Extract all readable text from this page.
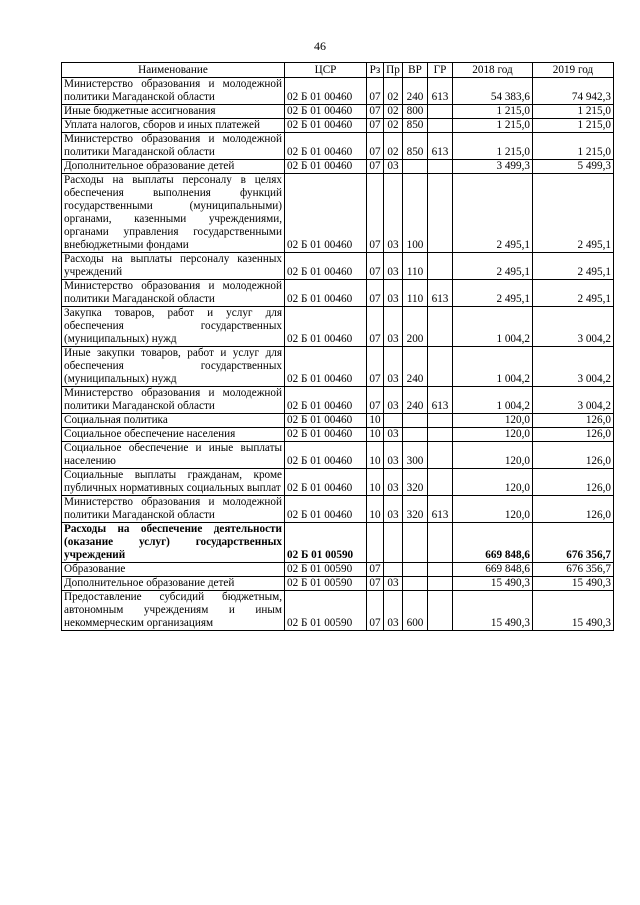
46
Наименование	ЦСР	Рз	Пр	ВР	ГР	2018 год	2019 год
Министерство образования и молодежной политики Магаданской области	02 Б 01 00460	07	02	240	613	54 383,6	74 942,3
Иные бюджетные ассигнования	02 Б 01 00460	07	02	800		1 215,0	1 215,0
Уплата налогов, сборов и иных платежей	02 Б 01 00460	07	02	850		1 215,0	1 215,0
Министерство образования и молодежной политики Магаданской области	02 Б 01 00460	07	02	850	613	1 215,0	1 215,0
Дополнительное образование детей	02 Б 01 00460	07	03			3 499,3	5 499,3
Расходы на выплаты персоналу в целях обеспечения выполнения функций государственными (муниципальными) органами, казенными учреждениями, органами управления государственными внебюджетными фондами	02 Б 01 00460	07	03	100		2 495,1	2 495,1
Расходы на выплаты персоналу казенных учреждений	02 Б 01 00460	07	03	110		2 495,1	2 495,1
Министерство образования и молодежной политики Магаданской области	02 Б 01 00460	07	03	110	613	2 495,1	2 495,1
Закупка товаров, работ и услуг для обеспечения государственных (муниципальных) нужд	02 Б 01 00460	07	03	200		1 004,2	3 004,2
Иные закупки товаров, работ и услуг для обеспечения государственных (муниципальных) нужд	02 Б 01 00460	07	03	240		1 004,2	3 004,2
Министерство образования и молодежной политики Магаданской области	02 Б 01 00460	07	03	240	613	1 004,2	3 004,2
Социальная политика	02 Б 01 00460	10				120,0	126,0
Социальное обеспечение населения	02 Б 01 00460	10	03			120,0	126,0
Социальное обеспечение и иные выплаты населению	02 Б 01 00460	10	03	300		120,0	126,0
Социальные выплаты гражданам, кроме публичных нормативных социальных выплат	02 Б 01 00460	10	03	320		120,0	126,0
Министерство образования и молодежной политики Магаданской области	02 Б 01 00460	10	03	320	613	120,0	126,0
Расходы на обеспечение деятельности (оказание услуг) государственных учреждений	02 Б 01 00590					669 848,6	676 356,7
Образование	02 Б 01 00590	07				669 848,6	676 356,7
Дополнительное образование детей	02 Б 01 00590	07	03			15 490,3	15 490,3
Предоставление субсидий бюджетным, автономным учреждениям и иным некоммерческим организациям	02 Б 01 00590	07	03	600		15 490,3	15 490,3
